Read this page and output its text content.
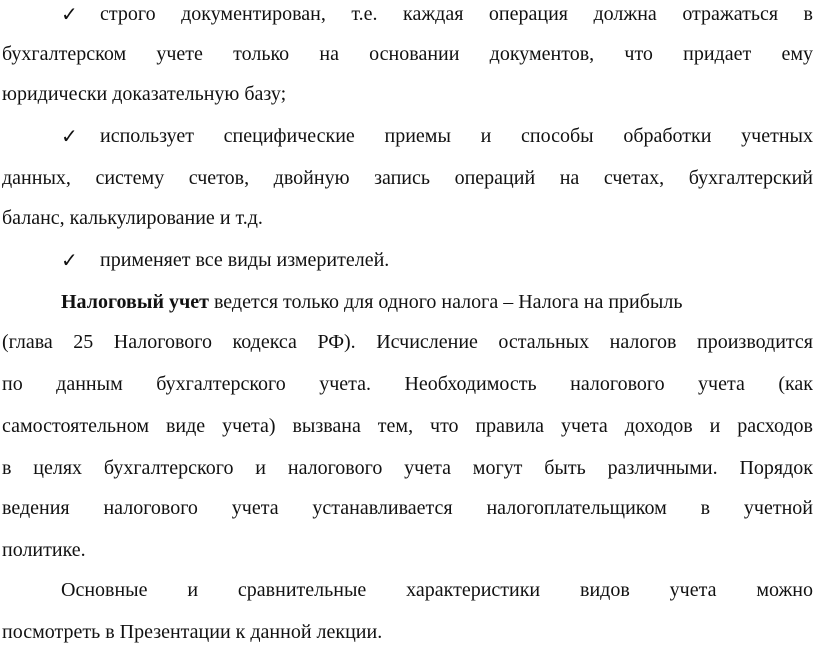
✓ строго документирован, т.е. каждая операция должна отражаться в
бухгалтерском учете только на основании документов, что придает ему
юридически доказательную базу;
✓ использует специфические приемы и способы обработки учетных
данных, систему счетов, двойную запись операций на счетах, бухгалтерский
баланс, калькулирование и т.д.
✓ применяет все виды измерителей.
Налоговый учет ведется только для одного налога – Налога на прибыль
(глава 25 Налогового кодекса РФ). Исчисление остальных налогов производится
по данным бухгалтерского учета. Необходимость налогового учета (как
самостоятельном виде учета) вызвана тем, что правила учета доходов и расходов
в целях бухгалтерского и налогового учета могут быть различными. Порядок
ведения налогового учета устанавливается налогоплательщиком в учетной
политике.
Основные и сравнительные характеристики видов учета можно
посмотреть в Презентации к данной лекции.
